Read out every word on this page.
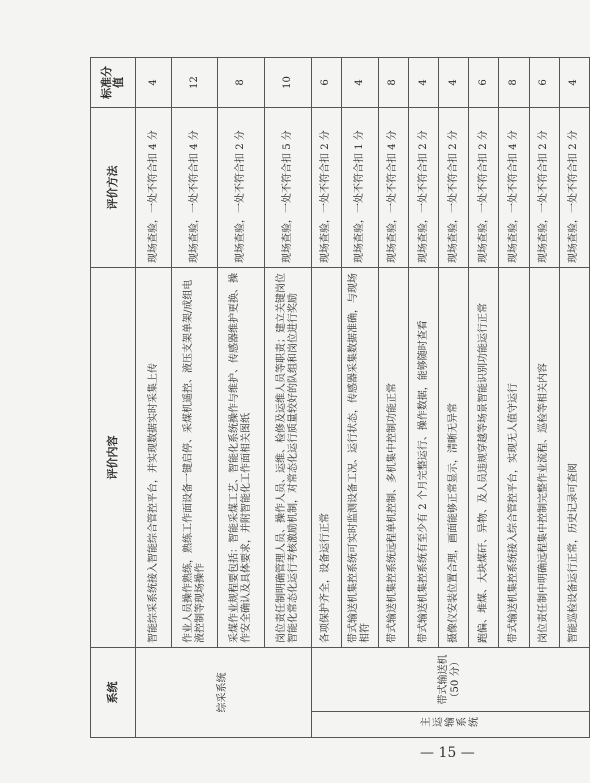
系统		评价内容	评价方法	标准分值
综采系统		智能综采系统接入智能综合管控平台，并实现数据实时采集上传	现场查验，一处不符合扣 4 分	4
		作业人员操作熟练，熟练工作面设备一键启停、采煤机遥控、液压支架单架/成组电液控制等现场操作	现场查验，一处不符合扣 4 分	12
		采煤作业规程要包括：智能采煤工艺、智能化系统操作与维护、传感器维护更换、操作安全确认及具体要求，并附智能化工作面相关图纸	现场查验，一处不符合扣 2 分	8
		岗位责任制明确管理人员、操作人员、运维、检修及运维人员等职责；建立关键岗位智能化常态化运行考核激励机制，对常态化运行质量较好的队组和岗位进行奖励	现场查验，一处不符合扣 5 分	10
主运输系统	带式输送机（50 分）	各项保护齐全，设备运行正常	现场查验，一处不符合扣 2 分	6
		带式输送机集控系统可实时监测设备工况、运行状态，传感器采集数据准确，与现场相符	现场查验，一处不符合扣 1 分	4
		带式输送机集控系统远程单机控制、多机集中控制功能正常	现场查验，一处不符合扣 4 分	8
		带式输送机集控系统有至少有 2 个月完整运行、操作数据，能够随时查看	现场查验，一处不符合扣 2 分	4
		摄像仪安装位置合理，画面能够正常显示，清晰无异常	现场查验，一处不符合扣 2 分	4
		跑偏、堆煤、大块煤矸、异物、及人员违规穿越等场景智能识别功能运行正常	现场查验，一处不符合扣 2 分	6
		带式输送机集控系统接入综合管控平台，实现无人值守运行	现场查验，一处不符合扣 4 分	8
		岗位责任制中明确远程集中控制完整作业流程、巡检等相关内容	现场查验，一处不符合扣 2 分	6
		智能巡检设备运行正常，历史记录可查阅	现场查验，一处不符合扣 2 分	4
— 15 —
